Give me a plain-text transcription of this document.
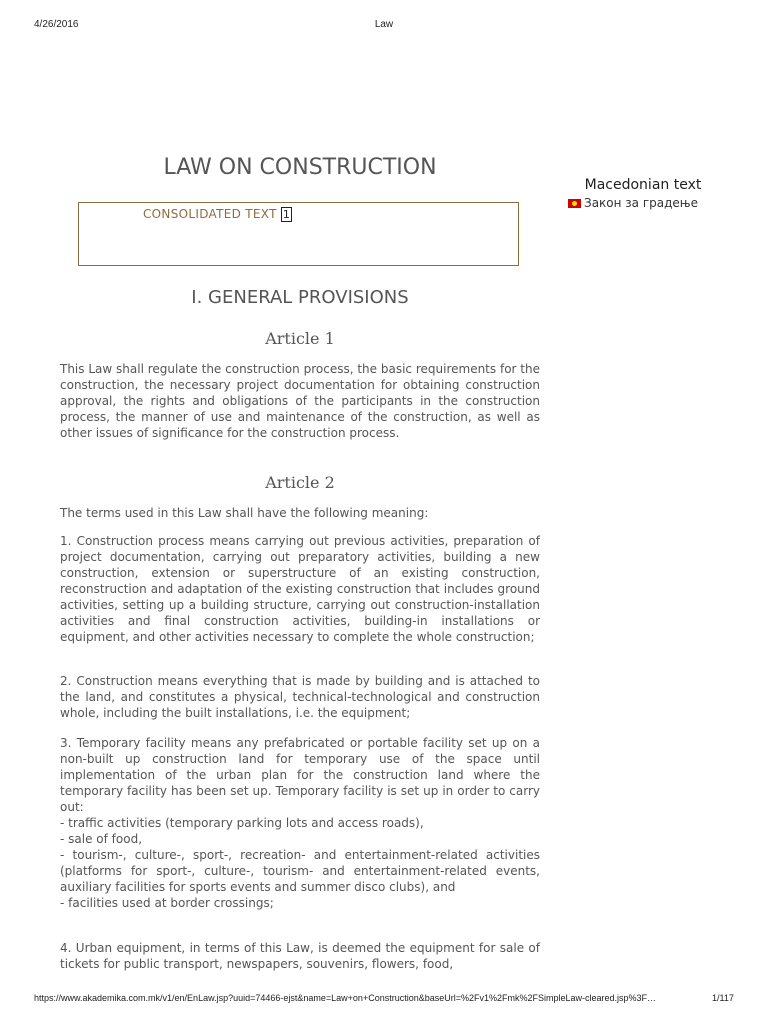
4/26/2016	Law
LAW ON CONSTRUCTION
CONSOLIDATED TEXT 1
Macedonian text
Закон за градење
I. GENERAL PROVISIONS
Article 1

This Law shall regulate the construction process, the basic requirements for the construction, the necessary project documentation for obtaining construction approval, the rights and obligations of the participants in the construction process, the manner of use and maintenance of the construction, as well as other issues of significance for the construction process.

Article 2

The terms used in this Law shall have the following meaning:

1. Construction process means carrying out previous activities, preparation of project documentation, carrying out preparatory activities, building a new construction, extension or superstructure of an existing construction, reconstruction and adaptation of the existing construction that includes ground activities, setting up a building structure, carrying out construction-installation activities and final construction activities, building-in installations or equipment, and other activities necessary to complete the whole construction;

2. Construction means everything that is made by building and is attached to the land, and constitutes a physical, technical-technological and construction whole, including the built installations, i.e. the equipment;

3. Temporary facility means any prefabricated or portable facility set up on a non-built up construction land for temporary use of the space until implementation of the urban plan for the construction land where the temporary facility has been set up. Temporary facility is set up in order to carry out:
- traffic activities (temporary parking lots and access roads),
- sale of food,
- tourism-, culture-, sport-, recreation- and entertainment-related activities (platforms for sport-, culture-, tourism- and entertainment-related events, auxiliary facilities for sports events and summer disco clubs), and
- facilities used at border crossings;

4. Urban equipment, in terms of this Law, is deemed the equipment for sale of tickets for public transport, newspapers, souvenirs, flowers, food,

https://www.akademika.com.mk/v1/en/EnLaw.jsp?uuid=74466-ejst&name=Law+on+Construction&baseUrl=%2Fv1%2Fmk%2FSimpleLaw-cleared.jsp%3F…	1/117
